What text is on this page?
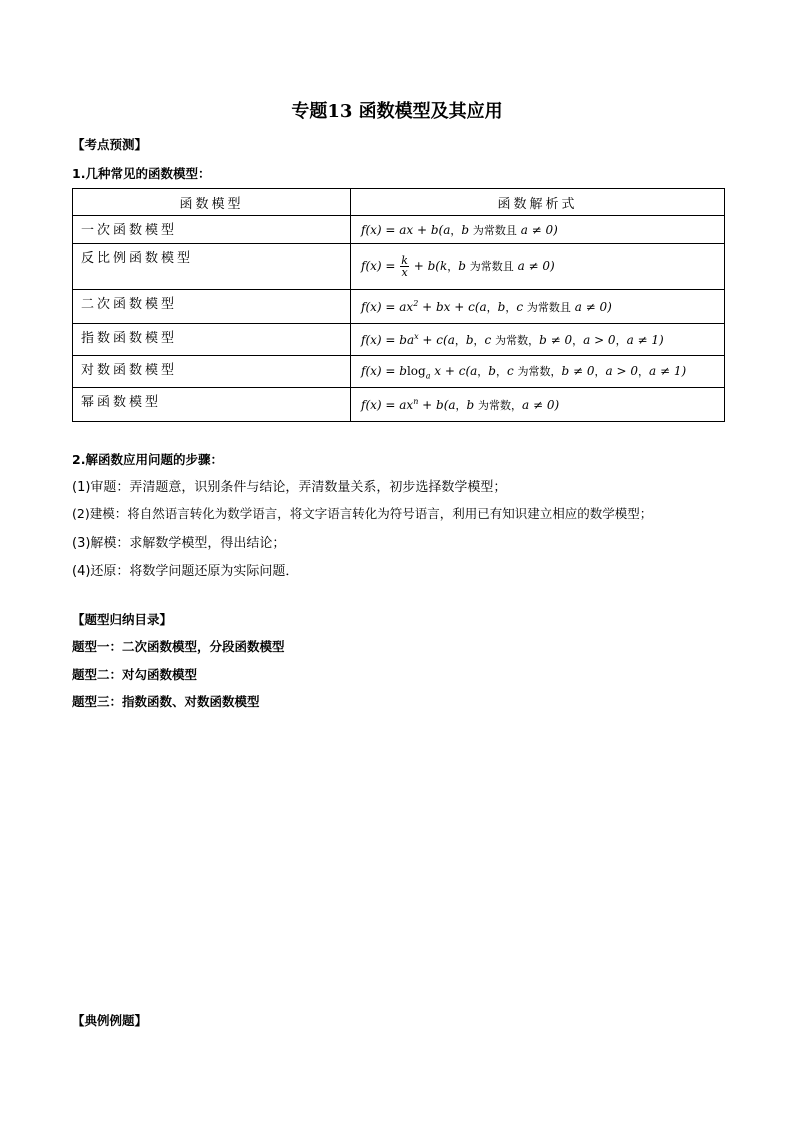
专题13 函数模型及其应用
【考点预测】
1.几种常见的函数模型：
函数模型	函数解析式
一次函数模型	f(x) = ax + b(a，b 为常数且 a ≠ 0)
反比例函数模型	$f(x) = \frac{k}{x} + b(k$，b 为常数且 a ≠ 0)
二次函数模型	$f(x) = ax^2$ + bx + c(a，b，c 为常数且 a ≠ 0)
指数函数模型	$f(x) = ba^x + c(a$，b，c 为常数，b ≠ 0，a > 0，a ≠ 1)
对数函数模型	f(x) = blog$_a$ x + c(a，b，c 为常数，b ≠ 0，a > 0，a ≠ 1)
幂函数模型	$f(x) = ax^n + b(a$，b 为常数，a ≠ 0)
2.解函数应用问题的步骤：
(1)审题：弄清题意，识别条件与结论，弄清数量关系，初步选择数学模型；
(2)建模：将自然语言转化为数学语言，将文字语言转化为符号语言，利用已有知识建立相应的数学模型；
(3)解模：求解数学模型，得出结论；
(4)还原：将数学问题还原为实际问题．
【题型归纳目录】
题型一：二次函数模型，分段函数模型
题型二：对勾函数模型
题型三：指数函数、对数函数模型
【典例例题】
